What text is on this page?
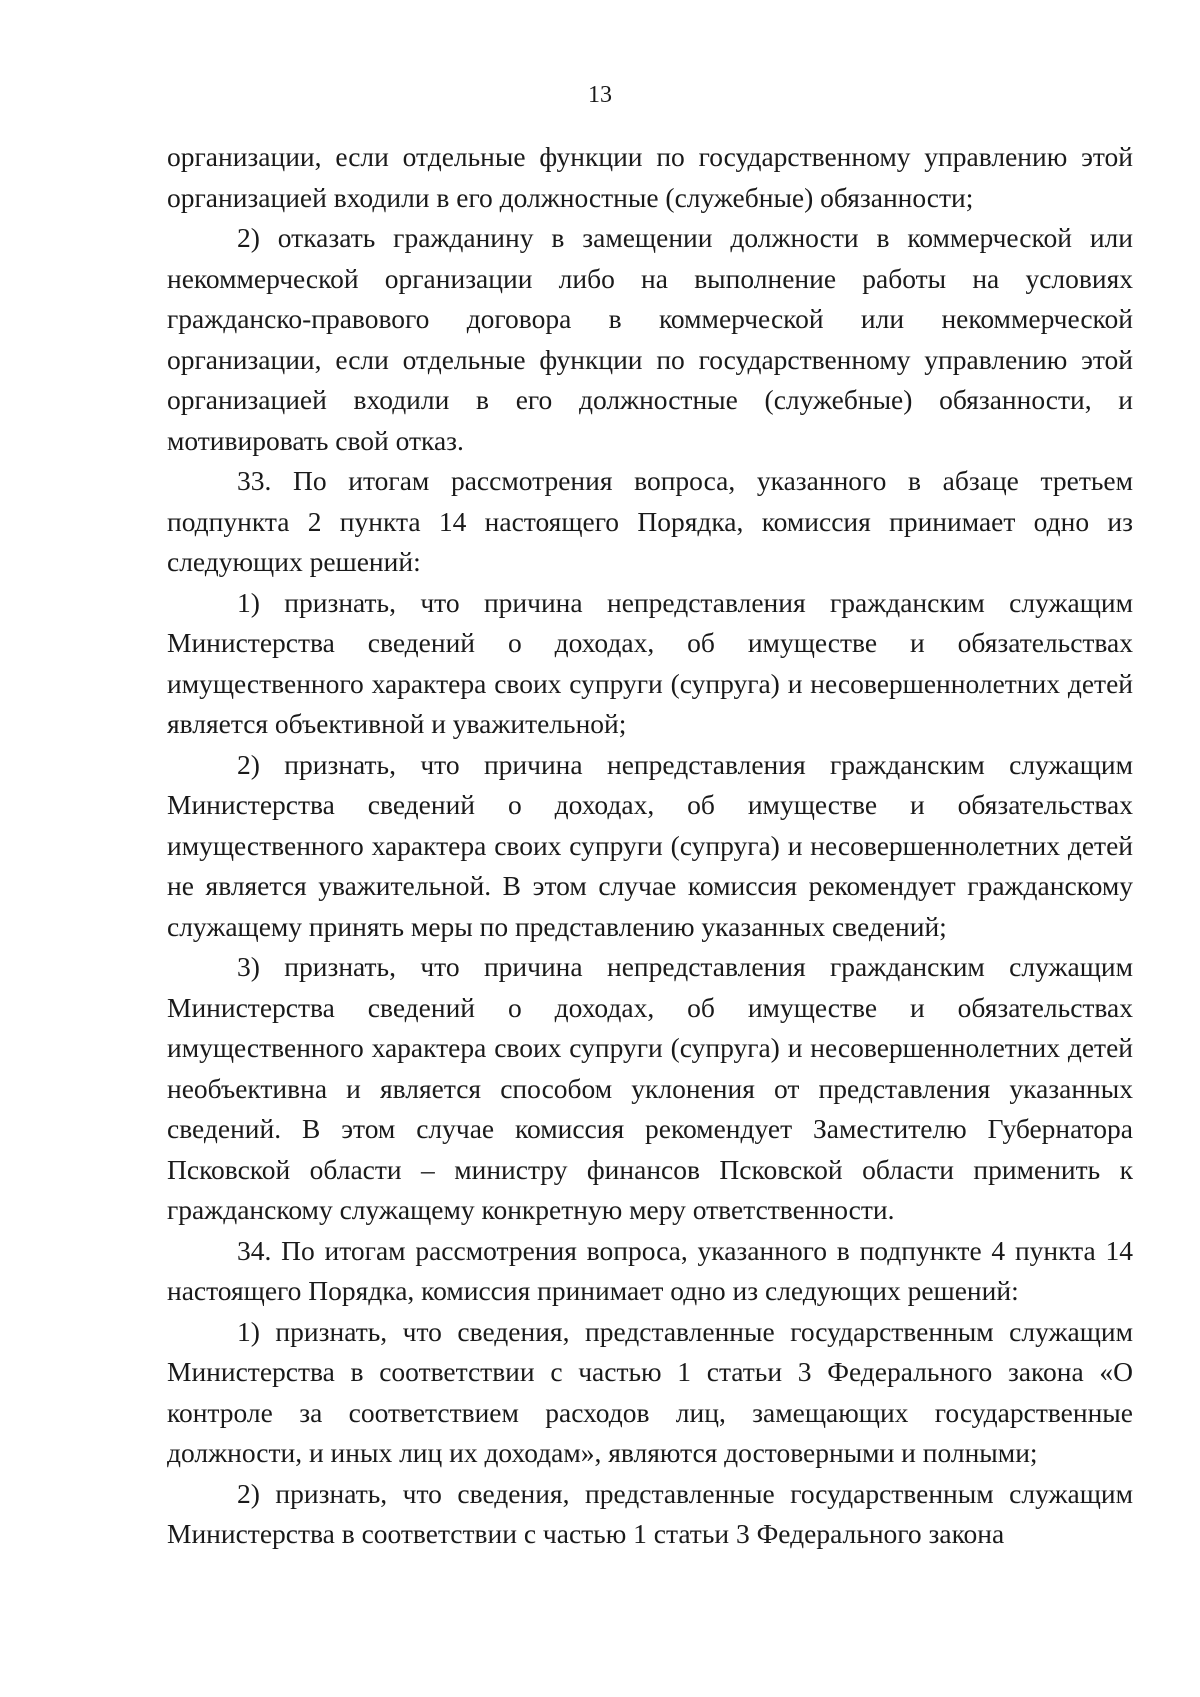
13

организации, если отдельные функции по государственному управлению этой организацией входили в его должностные (служебные) обязанности;

2) отказать гражданину в замещении должности в коммерческой или некоммерческой организации либо на выполнение работы на условиях гражданско-правового договора в коммерческой или некоммерческой организации, если отдельные функции по государственному управлению этой организацией входили в его должностные (служебные) обязанности, и мотивировать свой отказ.

33. По итогам рассмотрения вопроса, указанного в абзаце третьем подпункта 2 пункта 14 настоящего Порядка, комиссия принимает одно из следующих решений:

1) признать, что причина непредставления гражданским служащим Министерства сведений о доходах, об имуществе и обязательствах имущественного характера своих супруги (супруга) и несовершеннолетних детей является объективной и уважительной;

2) признать, что причина непредставления гражданским служащим Министерства сведений о доходах, об имуществе и обязательствах имущественного характера своих супруги (супруга) и несовершеннолетних детей не является уважительной. В этом случае комиссия рекомендует гражданскому служащему принять меры по представлению указанных сведений;

3) признать, что причина непредставления гражданским служащим Министерства сведений о доходах, об имуществе и обязательствах имущественного характера своих супруги (супруга) и несовершеннолетних детей необъективна и является способом уклонения от представления указанных сведений. В этом случае комиссия рекомендует Заместителю Губернатора Псковской области – министру финансов Псковской области применить к гражданскому служащему конкретную меру ответственности.

34. По итогам рассмотрения вопроса, указанного в подпункте 4 пункта 14 настоящего Порядка, комиссия принимает одно из следующих решений:

1) признать, что сведения, представленные государственным служащим Министерства в соответствии с частью 1 статьи 3 Федерального закона «О контроле за соответствием расходов лиц, замещающих государственные должности, и иных лиц их доходам», являются достоверными и полными;

2) признать, что сведения, представленные государственным служащим Министерства в соответствии с частью 1 статьи 3 Федерального закона
